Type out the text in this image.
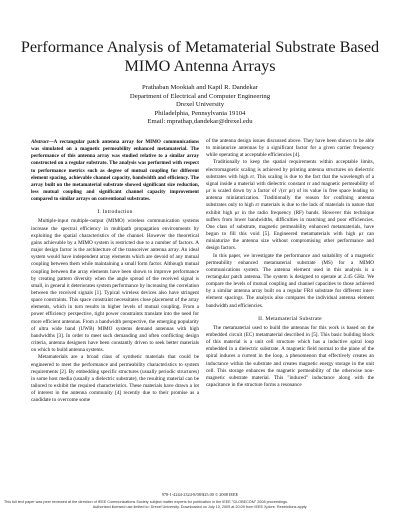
Performance Analysis of Metamaterial Substrate Based MIMO Antenna Arrays
Prathaban Mookiah and Kapil R. Dandekar
Department of Electrical and Computer Engineering
Drexel University
Philadelphia, Pennsylvania 19104
Email: mprathap,dandekar@drexel.edu

Abstract—A rectangular patch antenna array for MIMO communications was simulated on a magnetic permeability enhanced metamaterial. The performance of this antenna array was studied relative to a similar array constructed on a regular substrate. The analysis was performed with respect to performance metrics such as degree of mutual coupling for different element spacing, achievable channel capacity, bandwidth and efficiency. The array built on the metamaterial substrate showed significant size reduction, less mutual coupling and significant channel capacity improvement compared to similar arrays on conventional substrates.

I. Introduction

Multiple-input multiple-output (MIMO) wireless communication systems increase the spectral efficiency in multipath propagation environments by exploiting the spatial characteristics of the channel. However the theoretical gains achievable by a MIMO system is restricted due to a number of factors. A major design factor is the architecture of the transceiver antenna array. An ideal system would have independent array elements which are devoid of any mutual coupling between them while maintaining a small form factor. Although mutual coupling between the array elements have been shown to improve performance by creating pattern diversity when the angle spread of the received signal is small, in general it deteriorates system performance by increasing the correlation between the received signals [1]. Typical wireless devices also have stringent space constraints. This space constraint necessitates close placement of the array elements, which in turn results in higher levels of mutual coupling. From a power efficiency perspective, tight power constraints translate into the need for more efficient antennas. From a bandwidth perspective, the emerging popularity of ultra wide band (UWB) MIMO systems demand antennas with high bandwidths [3]. In order to meet such demanding and often conflicting design criteria, antenna designers have been constantly driven to seek better materials on which to build antenna systems.

Metamaterials are a broad class of synthetic materials that could be engineered to meet the performance and permeability characteristics to system requirements [2]. By embedding specific structures (usually periodic structures) in some host media (usually a dielectric substrate), the resulting material can be tailored to exhibit the required characteristics. These materials have drawn a lot of interest in the antenna community [4] recently due to their promise as a candidate to overcome some

of the antenna design issues discussed above. They have been shown to be able to miniaturize antennas by a significant factor for a given carrier frequency while operating at acceptable efficiencies [4].

Traditionally to keep the spatial requirements within acceptable limits, electromagnetic scaling is achieved by printing antenna structures on dielectric substrates with high εr. This scaling is due to the fact that the wavelength of a signal inside a material with dielectric constant εr and magnetic permeability of μr is scaled down by a factor of √(εr μr) of its value in free space leading to antenna miniaturization. Traditionally the reason for confining antenna substrates only to high εr materials is due to the lack of materials in nature that exhibit high μr in the radio frequency (RF) bands. However this technique suffers from lower bandwidths, difficulties in matching and poor efficiencies. One class of substrate, magnetic permeability enhanced metamaterials, have begun to fill this void [5]. Engineered metamaterials with high μr can miniaturize the antenna size without compromising other performance and design factors.

In this paper, we investigate the performance and suitability of a magnetic permeability enhanced metamaterial substrate (MS) for a MIMO communications system. The antenna element used in this analysis is a rectangular patch antenna. The system is designed to operate at 2.45 GHz. We compare the levels of mutual coupling and channel capacities to those achieved by a similar antenna array built on a regular FR4 substrate for different inter-element spacings. The analysis also compares the individual antenna element bandwidth and efficiencies.

II. Metamaterial Substrate

The metamaterial used to build the antennas for this work is based on the embedded circuit (EC) metamaterial described in [5]. This basic building block of this material is a unit cell structure which has a inductive spiral loop embedded in a dielectric substrate. A magnetic field normal to the plane of the spiral induces a current in the loop, a phenomenon that effectively creates an inductance within the substrate and creates magnetic energy storage in the unit cell. This storage enhances the magnetic permeability of the otherwise non-magnetic substrate material. This "induced" inductance along with the capacitance in the structure forms a resonance

978-1-4244-2324-8/08/$25.00 © 2008 IEEE
This full text paper was peer reviewed at the direction of IEEE Communications Society subject matter experts for publication in the IEEE "GLOBECOM" 2008 proceedings.
Authorized licensed use limited to: Drexel University. Downloaded on July 10, 2009 at 20:09 from IEEE Xplore. Restrictions apply.
